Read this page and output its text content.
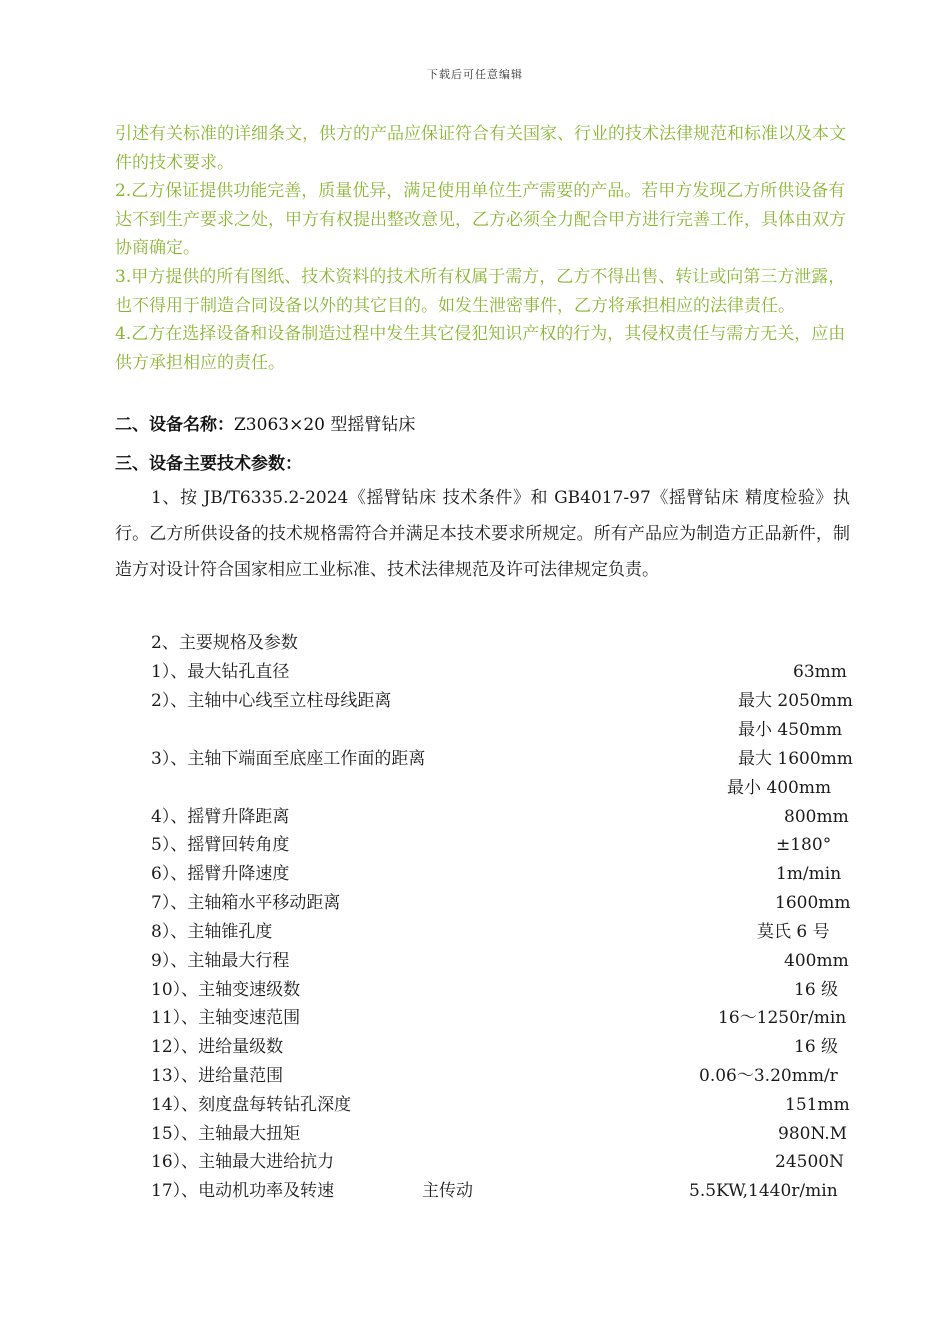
下载后可任意编辑

引述有关标准的详细条文，供方的产品应保证符合有关国家、行业的技术法律规范和标准以及本文件的技术要求。

2.乙方保证提供功能完善，质量优异，满足使用单位生产需要的产品。若甲方发现乙方所供设备有达不到生产要求之处，甲方有权提出整改意见，乙方必须全力配合甲方进行完善工作，具体由双方协商确定。

3.甲方提供的所有图纸、技术资料的技术所有权属于需方，乙方不得出售、转让或向第三方泄露，也不得用于制造合同设备以外的其它目的。如发生泄密事件，乙方将承担相应的法律责任。

4.乙方在选择设备和设备制造过程中发生其它侵犯知识产权的行为，其侵权责任与需方无关，应由供方承担相应的责任。

二、设备名称：Z3063×20 型摇臂钻床
三、设备主要技术参数：

1、按 JB/T6335.2-2024《摇臂钻床 技术条件》和 GB4017-97《摇臂钻床 精度检验》执行。乙方所供设备的技术规格需符合并满足本技术要求所规定。所有产品应为制造方正品新件，制造方对设计符合国家相应工业标准、技术法律规范及许可法律规定负责。

2、主要规格及参数
1）、最大钻孔直径	63mm
2）、主轴中心线至立柱母线距离	最大 2050mm
最小 450mm
3）、主轴下端面至底座工作面的距离	最大 1600mm
最小 400mm
4）、摇臂升降距离	800mm
5）、摇臂回转角度	±180°
6）、摇臂升降速度	1m/min
7）、主轴箱水平移动距离	1600mm
8）、主轴锥孔度	莫氏 6 号
9）、主轴最大行程	400mm
10）、主轴变速级数	16 级
11）、主轴变速范围	16～1250r/min
12）、进给量级数	16 级
13）、进给量范围	0.06～3.20mm/r
14）、刻度盘每转钻孔深度	151mm
15）、主轴最大扭矩	980N.M
16）、主轴最大进给抗力	24500N
17）、电动机功率及转速	主传动	5.5KW,1440r/min
